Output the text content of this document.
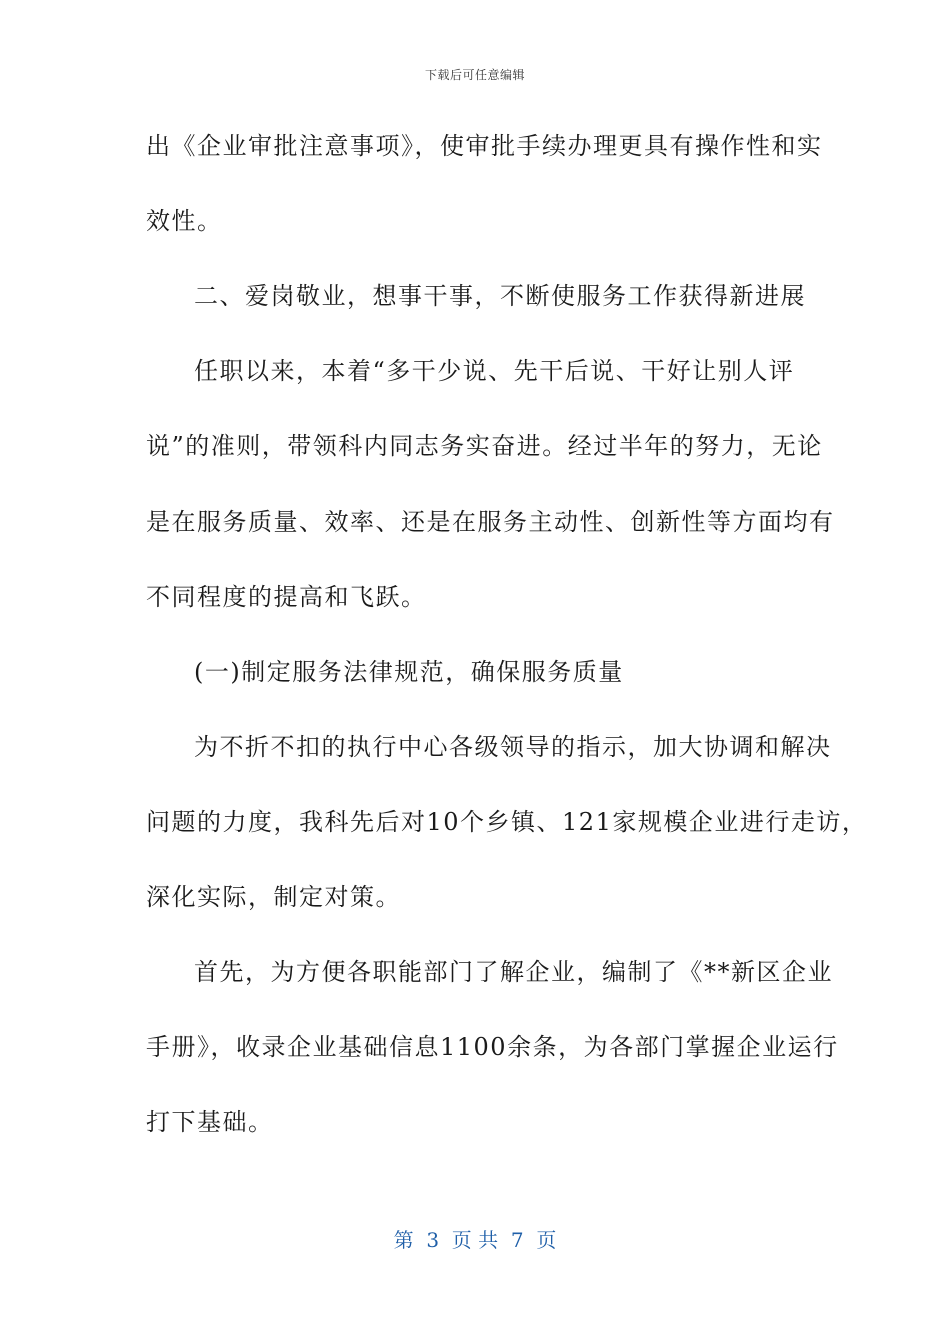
下载后可任意编辑
出《企业审批注意事项》，使审批手续办理更具有操作性和实
效性。
二、爱岗敬业，想事干事，不断使服务工作获得新进展
任职以来，本着“多干少说、先干后说、干好让别人评
说”的准则，带领科内同志务实奋进。经过半年的努力，无论
是在服务质量、效率、还是在服务主动性、创新性等方面均有
不同程度的提高和飞跃。
(一)制定服务法律规范，确保服务质量
为不折不扣的执行中心各级领导的指示，加大协调和解决
问题的力度，我科先后对10个乡镇、121家规模企业进行走访，
深化实际，制定对策。
首先，为方便各职能部门了解企业，编制了《**新区企业
手册》，收录企业基础信息1100余条，为各部门掌握企业运行
打下基础。
第  3  页 共  7  页
